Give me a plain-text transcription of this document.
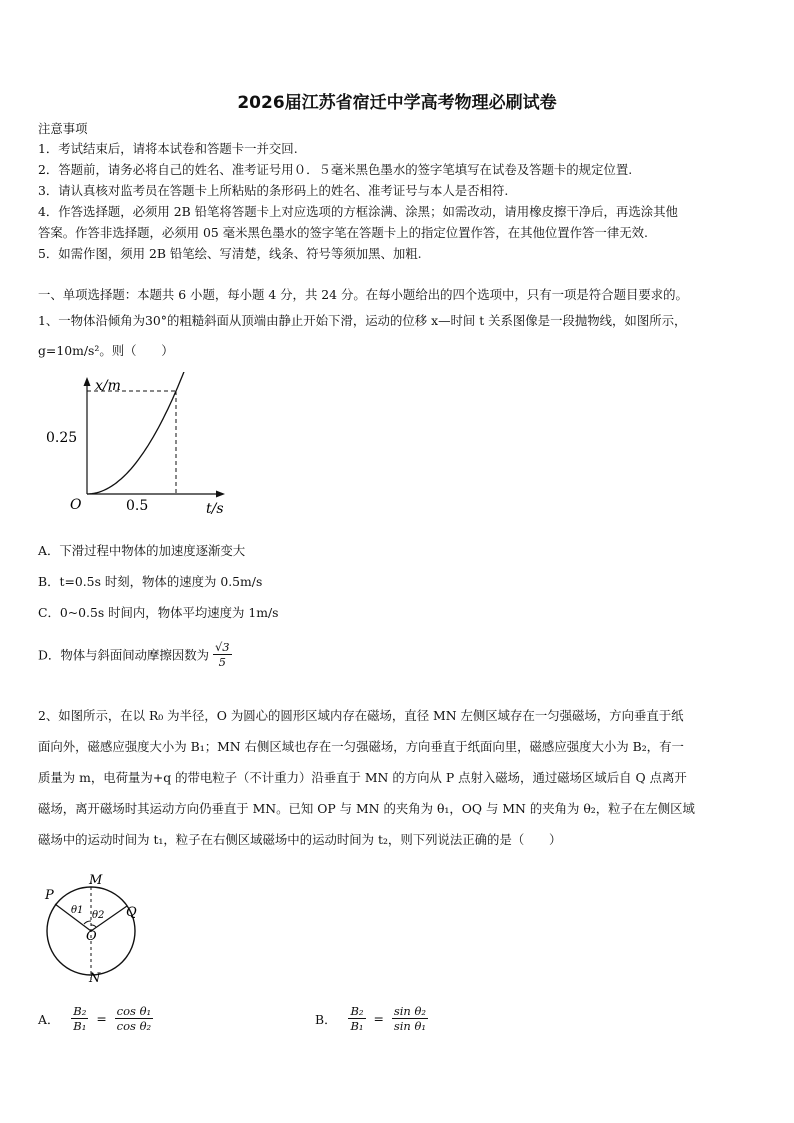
2026届江苏省宿迁中学高考物理必刷试卷
注意事项
1．考试结束后，请将本试卷和答题卡一并交回.
2．答题前，请务必将自己的姓名、准考证号用０．５毫米黑色墨水的签字笔填写在试卷及答题卡的规定位置.
3．请认真核对监考员在答题卡上所粘贴的条形码上的姓名、准考证号与本人是否相符.
4．作答选择题，必须用 2B 铅笔将答题卡上对应选项的方框涂满、涂黑；如需改动，请用橡皮擦干净后，再选涂其他
答案。作答非选择题，必须用 05 毫米黑色墨水的签字笔在答题卡上的指定位置作答，在其他位置作答一律无效.
5．如需作图，须用 2B 铅笔绘、写清楚，线条、符号等须加黑、加粗.
一、单项选择题：本题共 6 小题，每小题 4 分，共 24 分。在每小题给出的四个选项中，只有一项是符合题目要求的。
1、一物体沿倾角为30°的粗糙斜面从顶端由静止开始下滑，运动的位移 x—时间 t 关系图像是一段抛物线，如图所示，
g=10m/s²。则（　　）
x/m
t/s
O
0.25
0.5
A．下滑过程中物体的加速度逐渐变大
B．t=0.5s 时刻，物体的速度为 0.5m/s
C．0~0.5s 时间内，物体平均速度为 1m/s
D．物体与斜面间动摩擦因数为 $\frac{√3}{5}$
2、如图所示，在以 R₀ 为半径，O 为圆心的圆形区域内存在磁场，直径 MN 左侧区域存在一匀强磁场，方向垂直于纸
面向外，磁感应强度大小为 B₁；MN 右侧区域也存在一匀强磁场，方向垂直于纸面向里，磁感应强度大小为 B₂，有一
质量为 m，电荷量为+q 的带电粒子（不计重力）沿垂直于 MN 的方向从 P 点射入磁场，通过磁场区域后自 Q 点离开
磁场，离开磁场时其运动方向仍垂直于 MN。已知 OP 与 MN 的夹角为 θ₁，OQ 与 MN 的夹角为 θ₂，粒子在左侧区域
磁场中的运动时间为 t₁，粒子在右侧区域磁场中的运动时间为 t₂，则下列说法正确的是（　　）
M
N
P
Q
O
θ1 θ2
A． $\frac{\text{B₂}}{\text{B₁}} = \frac{\text{cos θ₁}}{\text{cos θ₂}}$	B． $\frac{\text{B₂}}{\text{B₁}} = \frac{\text{sin θ₂}}{\text{sin θ₁}}$
